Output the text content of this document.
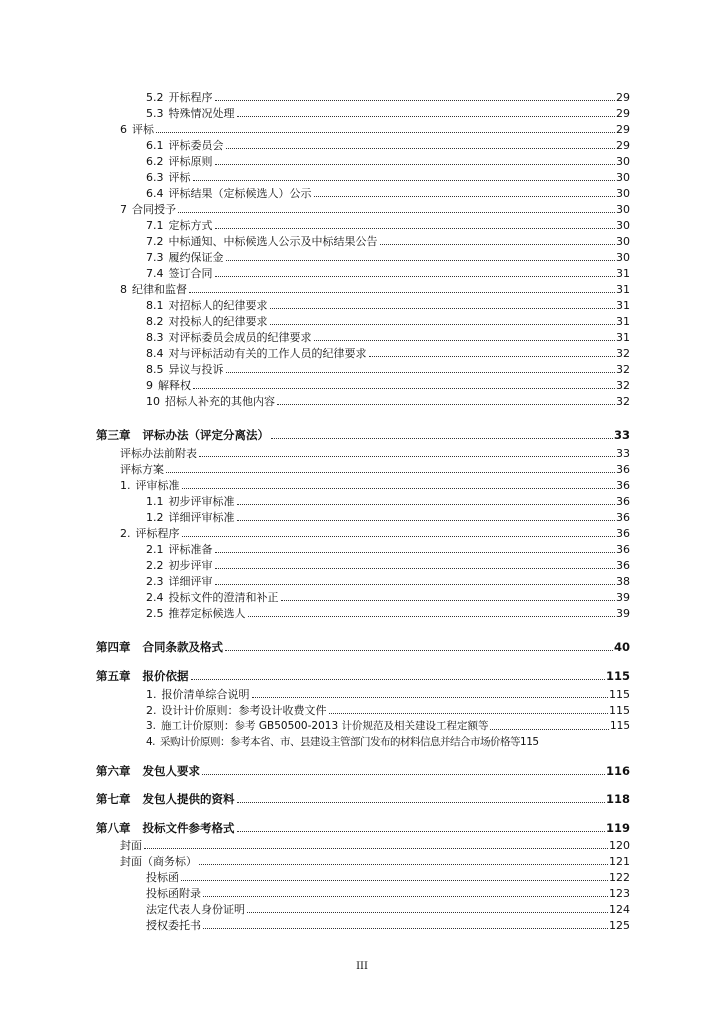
5.2 开标程序	29
5.3 特殊情况处理	29
6 评标	29
6.1 评标委员会	29
6.2 评标原则	30
6.3 评标	30
6.4 评标结果（定标候选人）公示	30
7 合同授予	30
7.1 定标方式	30
7.2 中标通知、中标候选人公示及中标结果公告	30
7.3 履约保证金	30
7.4 签订合同	31
8 纪律和监督	31
8.1 对招标人的纪律要求	31
8.2 对投标人的纪律要求	31
8.3 对评标委员会成员的纪律要求	31
8.4 对与评标活动有关的工作人员的纪律要求	32
8.5 异议与投诉	32
9 解释权	32
10 招标人补充的其他内容	32
第三章 评标办法（评定分离法）	33
评标办法前附表	33
评标方案	36
1. 评审标准	36
1.1 初步评审标准	36
1.2 详细评审标准	36
2. 评标程序	36
2.1 评标准备	36
2.2 初步评审	36
2.3 详细评审	38
2.4 投标文件的澄清和补正	39
2.5 推荐定标候选人	39
第四章 合同条款及格式	40
第五章 报价依据	115
1. 报价清单综合说明	115
2. 设计计价原则：参考设计收费文件	115
3. 施工计价原则：参考 GB50500-2013 计价规范及相关建设工程定额等	115
4. 采购计价原则：参考本省、市、县建设主管部门发布的材料信息并结合市场价格等 115
第六章 发包人要求	116
第七章 发包人提供的资料	118
第八章 投标文件参考格式	119
封面	120
封面（商务标）	121
投标函	122
投标函附录	123
法定代表人身份证明	124
授权委托书	125
III
